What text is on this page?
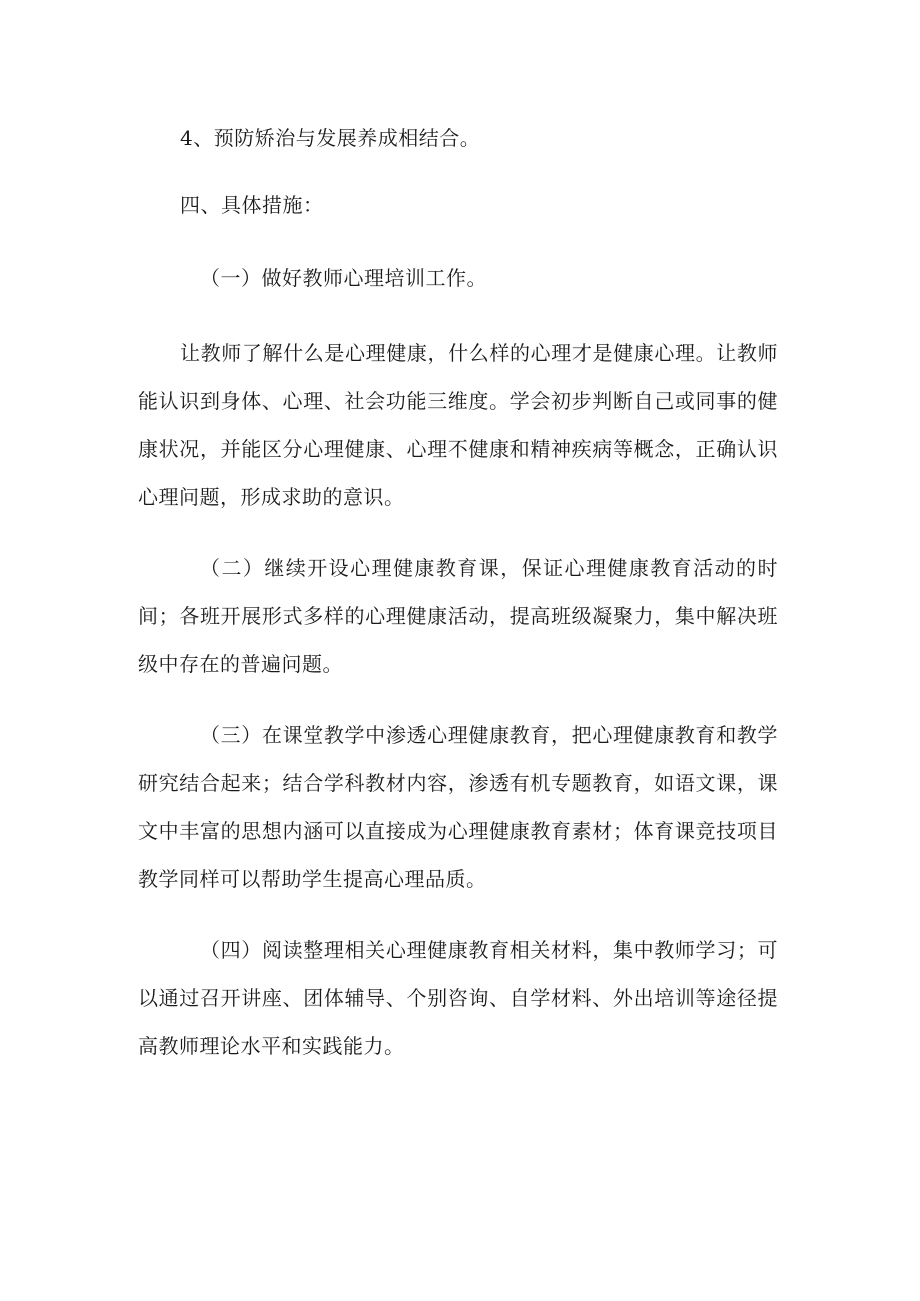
4、预防矫治与发展养成相结合。
四、具体措施：
（一）做好教师心理培训工作。

让教师了解什么是心理健康，什么样的心理才是健康心理。让教师能认识到身体、心理、社会功能三维度。学会初步判断自己或同事的健康状况，并能区分心理健康、心理不健康和精神疾病等概念，正确认识心理问题，形成求助的意识。

（二）继续开设心理健康教育课，保证心理健康教育活动的时间；各班开展形式多样的心理健康活动，提高班级凝聚力，集中解决班级中存在的普遍问题。

（三）在课堂教学中渗透心理健康教育，把心理健康教育和教学研究结合起来；结合学科教材内容，渗透有机专题教育，如语文课，课文中丰富的思想内涵可以直接成为心理健康教育素材；体育课竞技项目教学同样可以帮助学生提高心理品质。

（四）阅读整理相关心理健康教育相关材料，集中教师学习；可以通过召开讲座、团体辅导、个别咨询、自学材料、外出培训等途径提高教师理论水平和实践能力。
